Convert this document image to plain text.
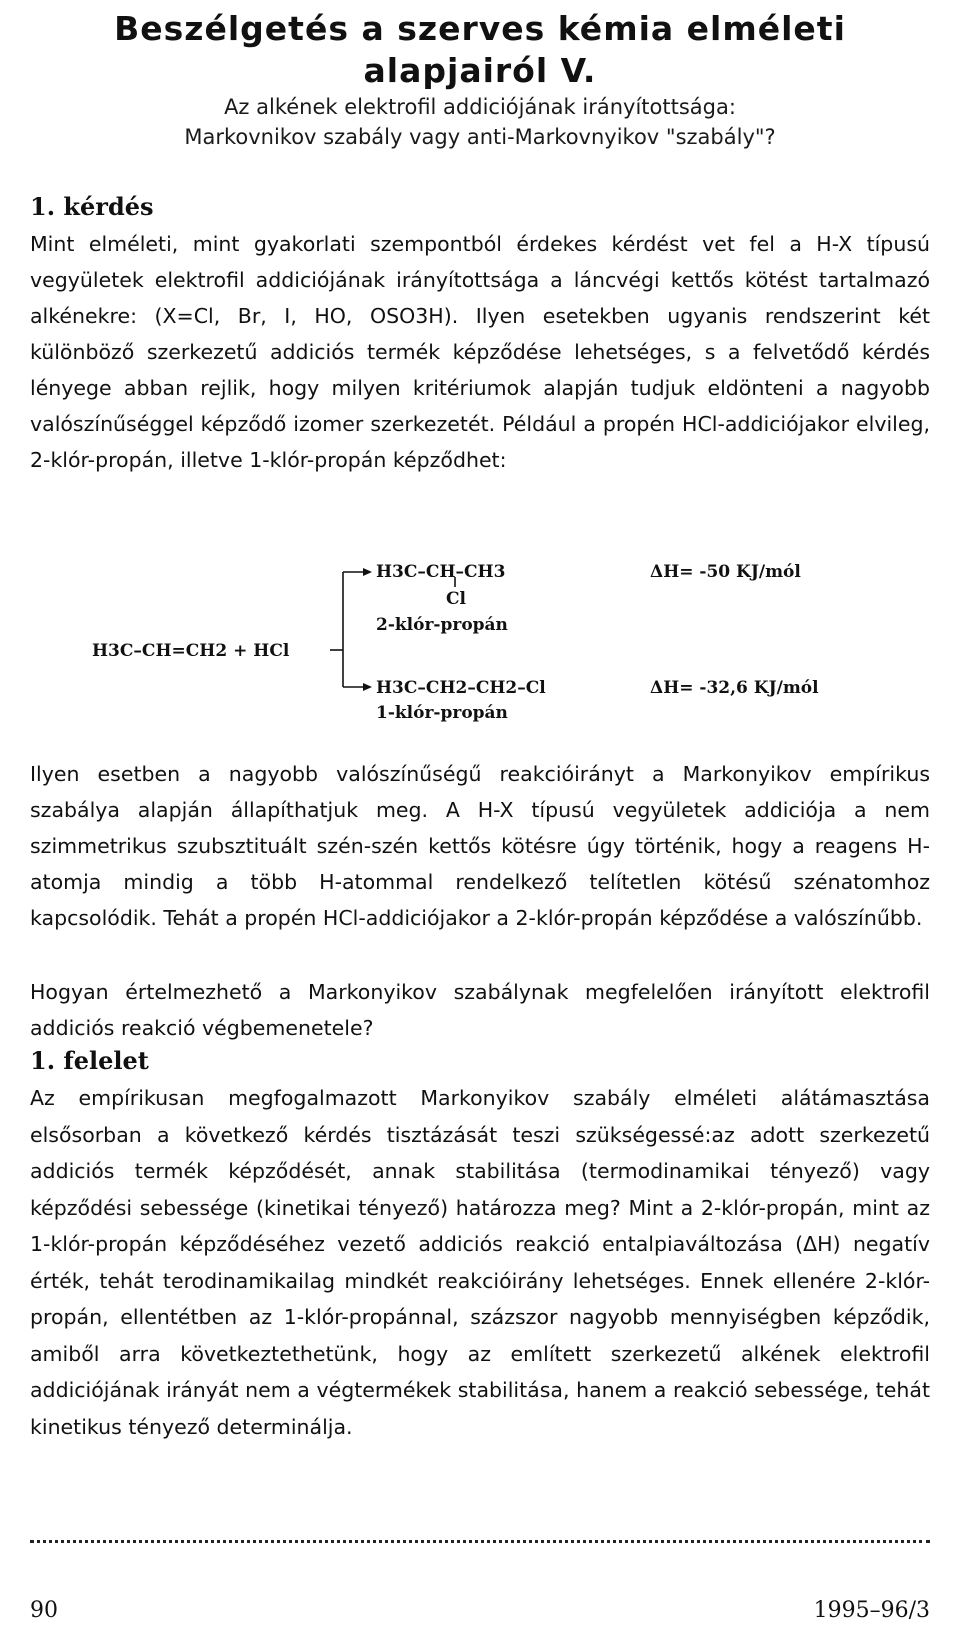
Beszélgetés a szerves kémia elméleti
alapjairól V.
Az alkének elektrofil addiciójának irányítottsága:
Markovnikov szabály vagy anti-Markovnyikov "szabály"?
1. kérdés

Mint elméleti, mint gyakorlati szempontból érdekes kérdést vet fel a H-X típusú vegyületek elektrofil addiciójának irányítottsága a láncvégi kettős kötést tartalmazó alkénekre: (X=Cl, Br, I, HO, OSO3H). Ilyen esetekben ugyanis rendszerint két különböző szerkezetű addiciós termék képződése lehetséges, s a felvetődő kérdés lényege abban rejlik, hogy milyen kritériumok alapján tudjuk eldönteni a nagyobb valószínűséggel képződő izomer szerkezetét. Például a propén HCl-addiciójakor elvileg, 2-klór-propán, illetve 1-klór-propán képződhet:

H3C–CH=CH2 + HCl
H3C–CH–CH3
Cl
2-klór-propán
ΔH= -50 KJ/mól
H3C–CH2–CH2–Cl
1-klór-propán
ΔH= -32,6 KJ/mól

Ilyen esetben a nagyobb valószínűségű reakcióirányt a Markonyikov empírikus szabálya alapján állapíthatjuk meg. A H-X típusú vegyületek addiciója a nem szimmetrikus szubsztituált szén-szén kettős kötésre úgy történik, hogy a reagens H-atomja mindig a több H-atommal rendelkező telítetlen kötésű szénatomhoz kapcsolódik. Tehát a propén HCl-addiciójakor a 2-klór-propán képződése a valószínűbb.

Hogyan értelmezhető a Markonyikov szabálynak megfelelően irányított elektrofil addiciós reakció végbemenetele?

1. felelet

Az empírikusan megfogalmazott Markonyikov szabály elméleti alátámasztása elsősorban a következő kérdés tisztázását teszi szükségessé:az adott szerkezetű addiciós termék képződését, annak stabilitása (termodinamikai tényező) vagy képződési sebessége (kinetikai tényező) határozza meg? Mint a 2-klór-propán, mint az 1-klór-propán képződéséhez vezető addiciós reakció entalpiaváltozása (ΔH) negatív érték, tehát terodinamikailag mindkét reakcióirány lehetséges. Ennek ellenére 2-klór-propán, ellentétben az 1-klór-propánnal, százszor nagyobb mennyiségben képződik, amiből arra következtethetünk, hogy az említett szerkezetű alkének elektrofil addiciójának irányát nem a végtermékek stabilitása, hanem a reakció sebessége, tehát kinetikus tényező determinálja.

90	1995–96/3
